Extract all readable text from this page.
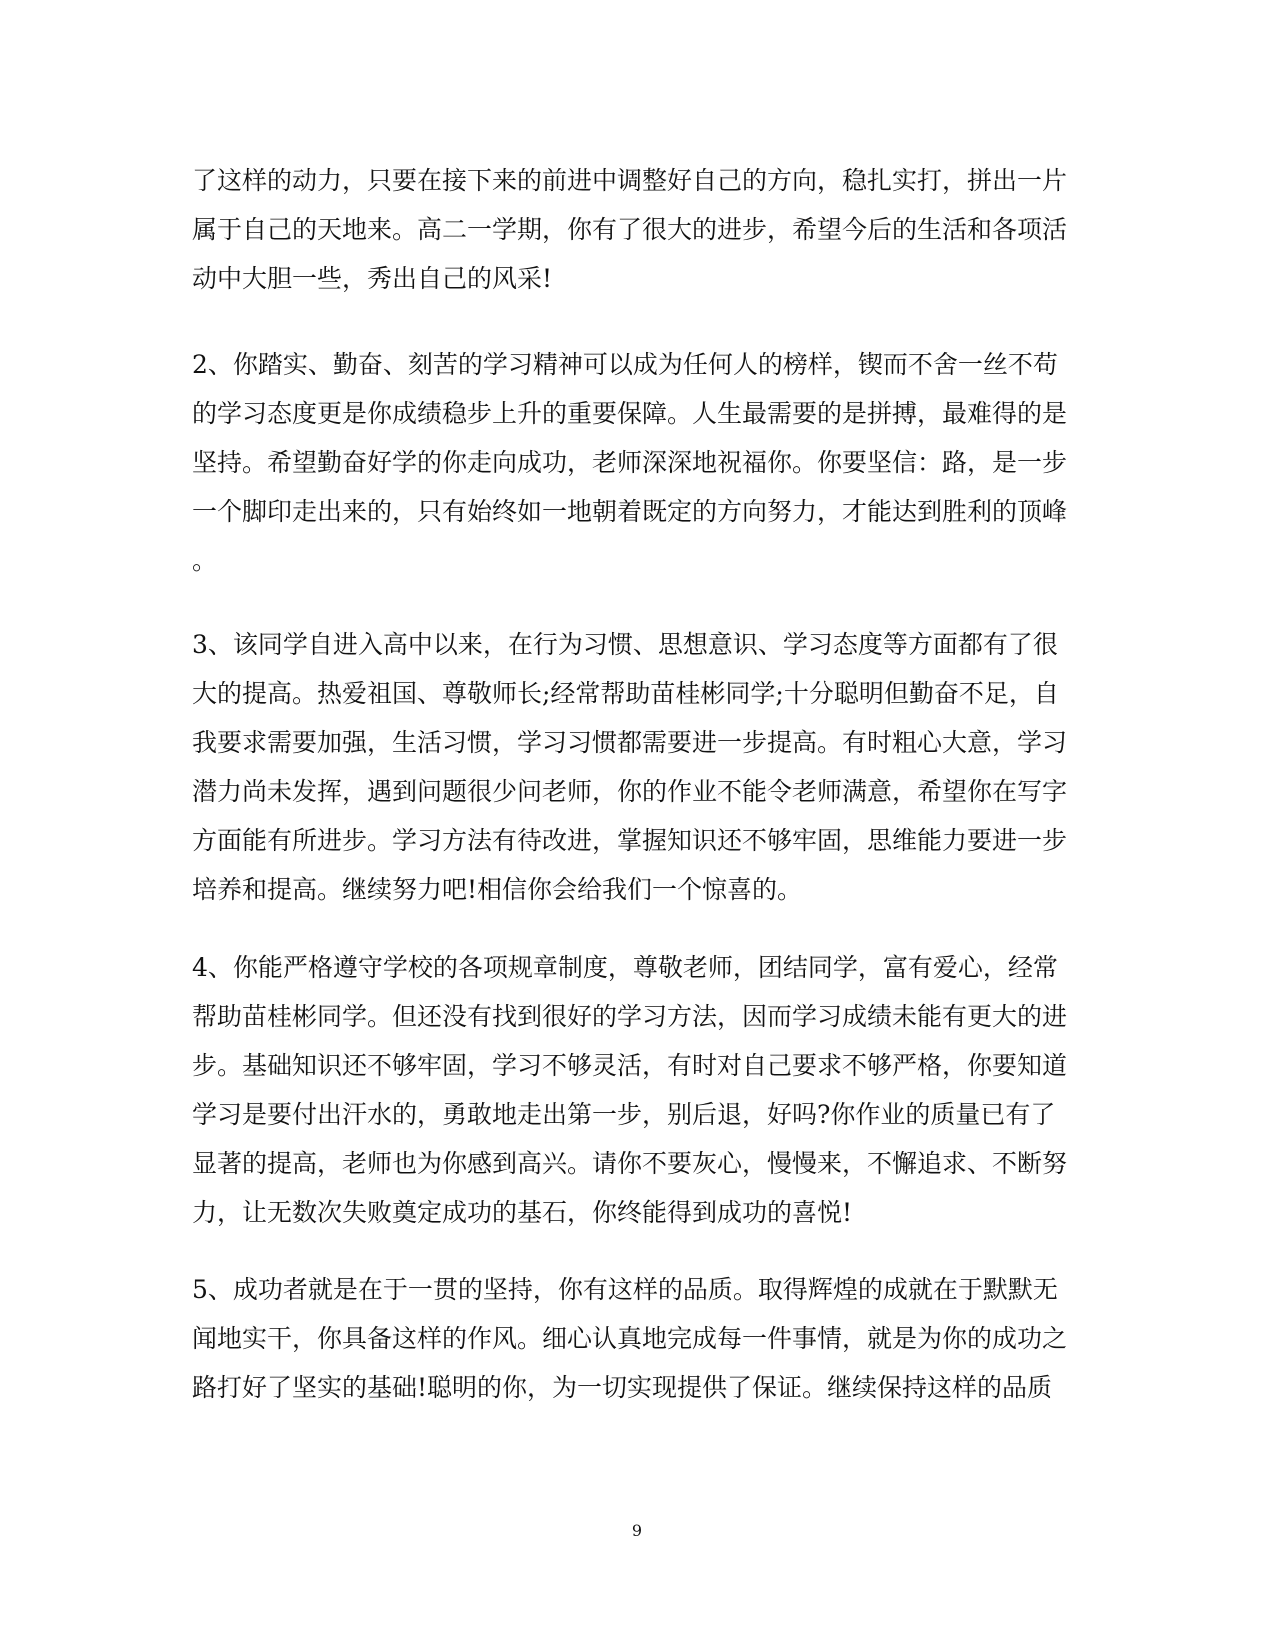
了这样的动力，只要在接下来的前进中调整好自己的方向，稳扎实打，拼出一片
属于自己的天地来。高二一学期，你有了很大的进步，希望今后的生活和各项活
动中大胆一些，秀出自己的风采!

2、你踏实、勤奋、刻苦的学习精神可以成为任何人的榜样，锲而不舍一丝不苟
的学习态度更是你成绩稳步上升的重要保障。人生最需要的是拼搏，最难得的是
坚持。希望勤奋好学的你走向成功，老师深深地祝福你。你要坚信：路，是一步
一个脚印走出来的，只有始终如一地朝着既定的方向努力，才能达到胜利的顶峰
。

3、该同学自进入高中以来，在行为习惯、思想意识、学习态度等方面都有了很
大的提高。热爱祖国、尊敬师长;经常帮助苗桂彬同学;十分聪明但勤奋不足，自
我要求需要加强，生活习惯，学习习惯都需要进一步提高。有时粗心大意，学习
潜力尚未发挥，遇到问题很少问老师，你的作业不能令老师满意，希望你在写字
方面能有所进步。学习方法有待改进，掌握知识还不够牢固，思维能力要进一步
培养和提高。继续努力吧!相信你会给我们一个惊喜的。

4、你能严格遵守学校的各项规章制度，尊敬老师，团结同学，富有爱心，经常
帮助苗桂彬同学。但还没有找到很好的学习方法，因而学习成绩未能有更大的进
步。基础知识还不够牢固，学习不够灵活，有时对自己要求不够严格，你要知道
学习是要付出汗水的，勇敢地走出第一步，别后退，好吗?你作业的质量已有了
显著的提高，老师也为你感到高兴。请你不要灰心，慢慢来，不懈追求、不断努
力，让无数次失败奠定成功的基石，你终能得到成功的喜悦!

5、成功者就是在于一贯的坚持，你有这样的品质。取得辉煌的成就在于默默无
闻地实干，你具备这样的作风。细心认真地完成每一件事情，就是为你的成功之
路打好了坚实的基础!聪明的你，为一切实现提供了保证。继续保持这样的品质

9
